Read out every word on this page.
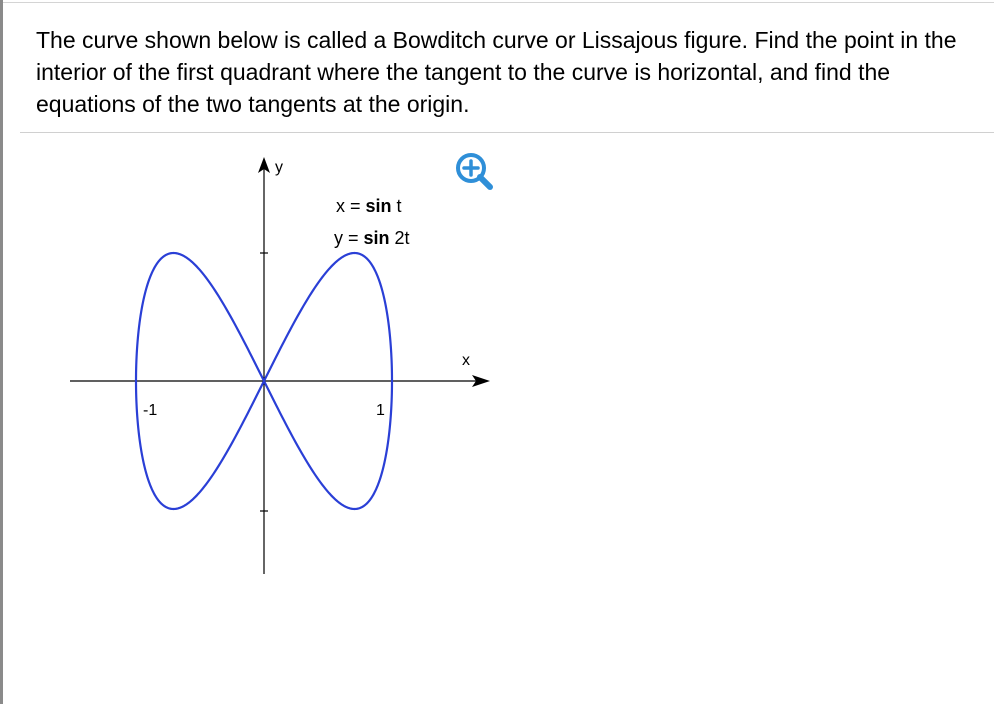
The curve shown below is called a Bowditch curve or Lissajous figure. Find the point in the interior of the first quadrant where the tangent to the curve is horizontal, and find the equations of the two tangents at the origin.

y
x
x = sin t
y = sin 2t
-1	1
